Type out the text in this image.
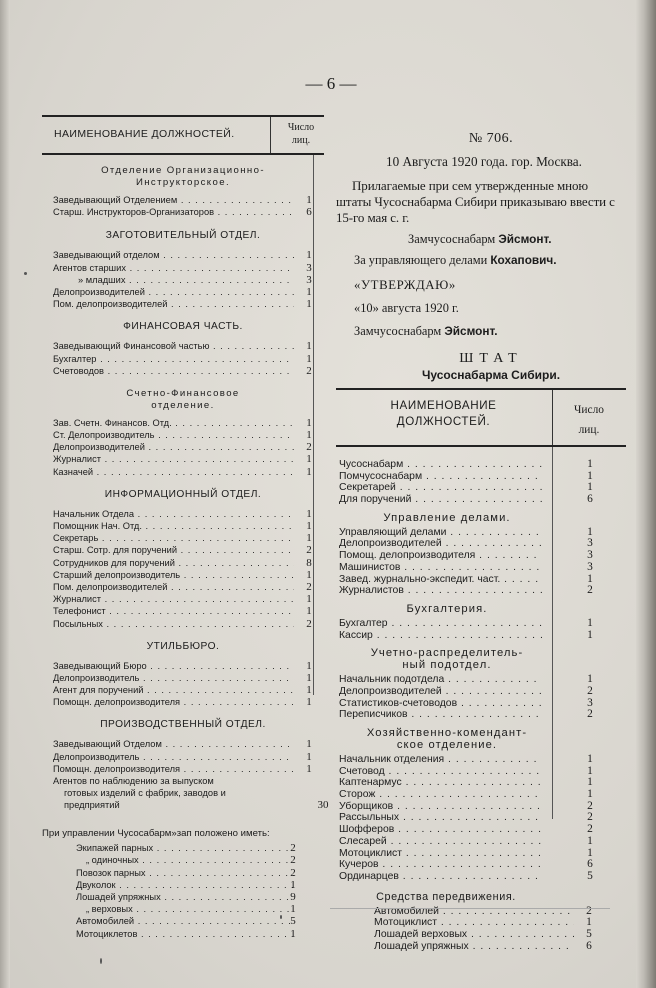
— 6 —
НАИМЕНОВАНИЕ ДОЛЖНОСТЕЙ.
Число
лиц.
Отделение Организационно-
Инструкторское.
Заведывающий Отделением . . .	1
Старш. Инструкторов-Организаторов . . .	6
ЗАГОТОВИТЕЛЬНЫЙ ОТДЕЛ.
Заведывающий отделом . . .	1
Агентов старших . . .	3
» младших . . .	3
Делопроизводителей . . .	1
Пом. делопроизводителей . . .	1
ФИНАНСОВАЯ ЧАСТЬ.
Заведывающий Финансовой частью . . .	1
Бухгалтер . . .	1
Счетоводов . . .	2
Счетно-Финансовое
отделение.
Зав. Счетн. Финансов. Отд. . . .	1
Ст. Делопроизводитель . . .	1
Делопроизводителей . . .	2
Журналист . . .	1
Казначей . . .	1
ИНФОРМАЦИОННЫЙ ОТДЕЛ.
Начальник Отдела . . .	1
Помощник Нач. Отд. . . .	1
Секретарь . . .	1
Старш. Сотр. для поручений . . .	2
Сотрудников для поручений . . .	8
Старший делопроизводитель . . .	1
Пом. делопроизводителей . . .	2
Журналист . . .	1
Телефонист . . .	1
Посыльных . . .	2
УТИЛЬБЮРО.
Заведывающий Бюро . . .	1
Делопроизводитель . . .	1
Агент для поручений . . .	1
Помощн. делопроизводителя . . .	1
ПРОИЗВОДСТВЕННЫЙ ОТДЕЛ.
Заведывающий Отделом . . .	1
Делопроизводитель . . .	1
Помощн. делопроизводителя . . .	1
Агентов по наблюдению за выпуском
готовых изделий с фабрик, заводов и
предприятий	30
При управлении Чусосабарм»зап положено иметь:
Экипажей парных . . .	2
„ одиночных . . .	2
Повозок парных . . .	2
Двуколок . . .	1
Лошадей упряжных . . .	9
„ верховых . . .	1
Автомобилей . . .	5
Мотоциклетов . . .	1
№ 706.
10 Августа 1920 года. гор. Москва.
Прилагаемые при сем утвержденные мною штаты Чусоснабарма Сибири приказываю ввести с 15-го мая с. г.
Замчусоснабарм Эйсмонт.
За управляющего делами Кохапович.
«УТВЕРЖДАЮ»
«10» августа 1920 г.
Замчусоснабарм Эйсмонт.
ШТАТ
Чусоснабарма Сибири.
НАИМЕНОВАНИЕ
ДОЛЖНОСТЕЙ.
Число
лиц.
Чусоснабарм . . .	1
Помчусоснабарм . . .	1
Секретарей . . .	1
Для поручений . . .	6
Управление делами.
Управляющий делами . . .	1
Делопроизводителей . . .	3
Помощ. делопроизводителя . . .	3
Машинистов . . .	3
Завед. журнально-экспедит. част. . . .	1
Журналистов . . .	2
Бухгалтерия.
Бухгалтер . . .	1
Кассир . . .	1
Учетно-распределитель-
ный подотдел.
Начальник подотдела . . .	1
Делопроизводителей . . .	2
Статистиков-счетоводов . . .	3
Переписчиков . . .	2
Хозяйственно-комендант-
ское отделение.
Начальник отделения . . .	1
Счетовод . . .	1
Каптенармус . . .	1
Сторож . . .	1
Уборщиков . . .	2
Рассыльных . . .	2
Шофферов . . .	2
Слесарей . . .	1
Мотоциклист . . .	1
Кучеров . . .	6
Ординарцев . . .	5
Средства передвижения.
Автомобилей . . .	2
Мотоциклист . . .	1
Лошадей верховых . . .	5
Лошадей упряжных . . .	6
